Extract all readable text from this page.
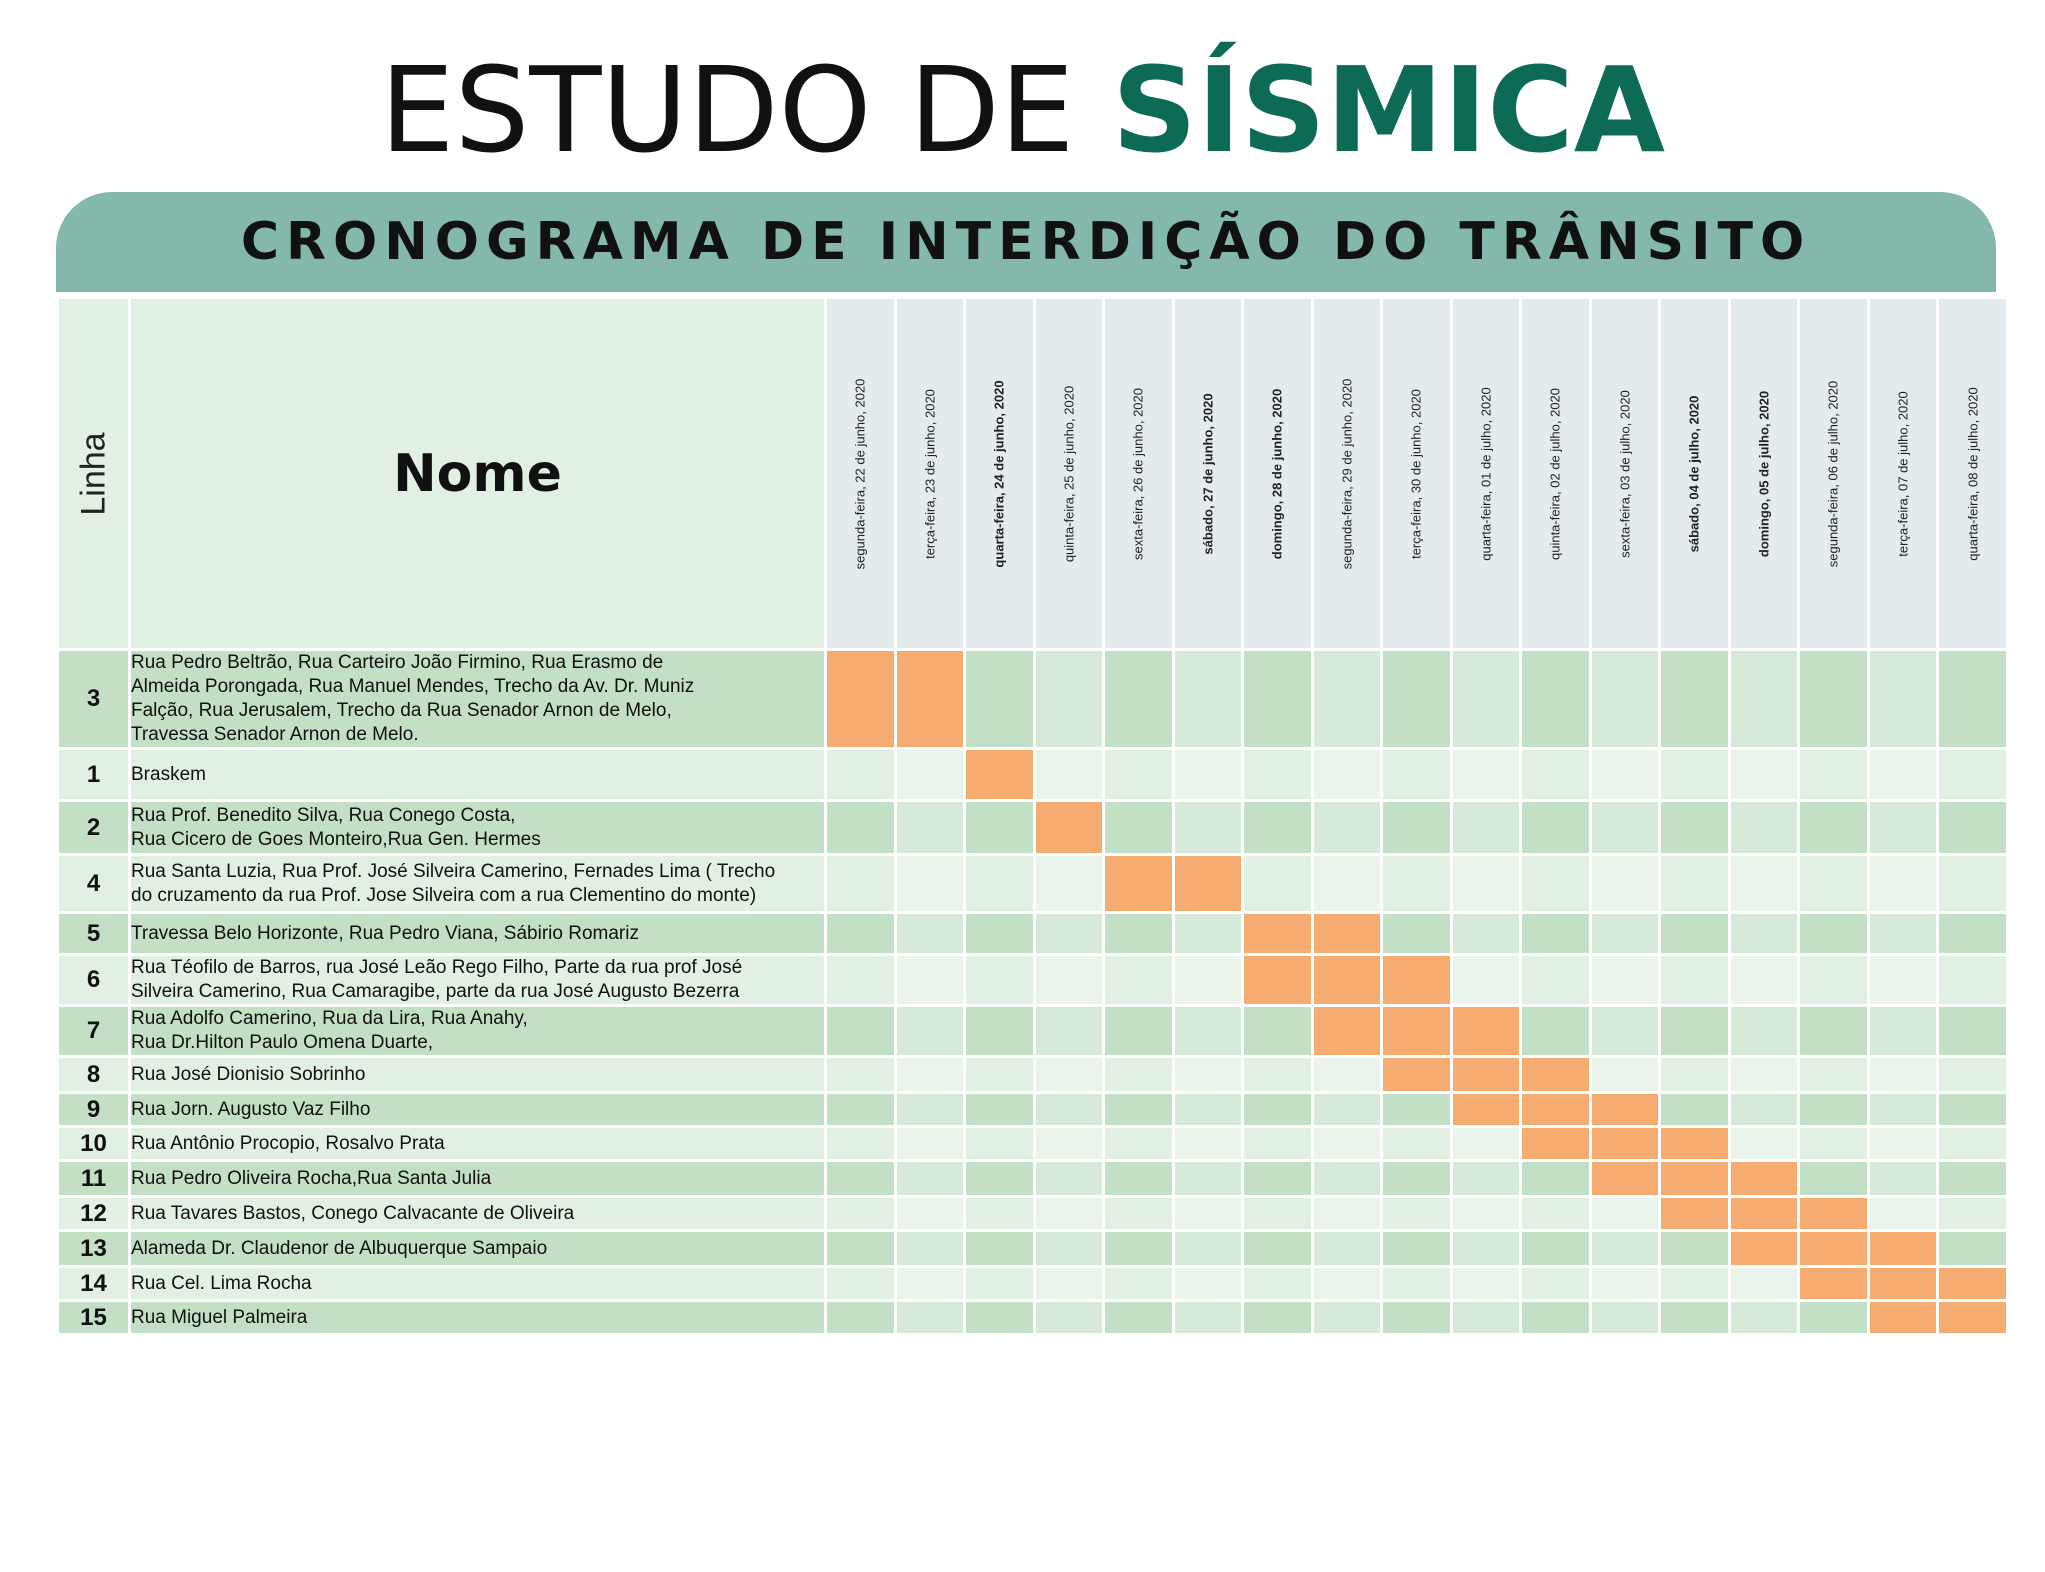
ESTUDO DE SÍSMICA
CRONOGRAMA DE INTERDIÇÃO DO TRÂNSITO
Linha	Nome	segunda-feira, 22 de junho, 2020	terça-feira, 23 de junho, 2020	quarta-feira, 24 de junho, 2020	quinta-feira, 25 de junho, 2020	sexta-feira, 26 de junho, 2020	sábado, 27 de junho, 2020	domingo, 28 de junho, 2020	segunda-feira, 29 de junho, 2020	terça-feira, 30 de junho, 2020	quarta-feira, 01 de julho, 2020	quinta-feira, 02 de julho, 2020	sexta-feira, 03 de julho, 2020	sábado, 04 de julho, 2020	domingo, 05 de julho, 2020	segunda-feira, 06 de julho, 2020	terça-feira, 07 de julho, 2020	quarta-feira, 08 de julho, 2020

3	Rua Pedro Beltrão, Rua Carteiro João Firmino, Rua Erasmo de
Almeida Porongada, Rua Manuel Mendes, Trecho da Av. Dr. Muniz
Falção, Rua Jerusalem, Trecho da Rua Senador Arnon de Melo,
Travessa Senador Arnon de Melo.																	

1	Braskem																	

2	Rua Prof. Benedito Silva, Rua Conego Costa,
Rua Cicero de Goes Monteiro,Rua Gen. Hermes																	

4	Rua Santa Luzia, Rua Prof. José Silveira Camerino, Fernades Lima ( Trecho
do cruzamento da rua Prof. Jose Silveira com a rua Clementino do monte)																	

5	Travessa Belo Horizonte, Rua Pedro Viana, Sábirio Romariz																	

6	Rua Téofilo de Barros, rua José Leão Rego Filho, Parte da rua prof José
Silveira Camerino, Rua Camaragibe, parte da rua José Augusto Bezerra																	

7	Rua Adolfo Camerino, Rua da Lira, Rua Anahy,
Rua Dr.Hilton Paulo Omena Duarte,																	

8	Rua José Dionisio Sobrinho																	

9	Rua Jorn. Augusto Vaz Filho																	

10	Rua Antônio Procopio, Rosalvo Prata																	

11	Rua Pedro Oliveira Rocha,Rua Santa Julia																	

12	Rua Tavares Bastos, Conego Calvacante de Oliveira																	

13	Alameda Dr. Claudenor de Albuquerque Sampaio																	

14	Rua Cel. Lima Rocha																	

15	Rua Miguel Palmeira																	
